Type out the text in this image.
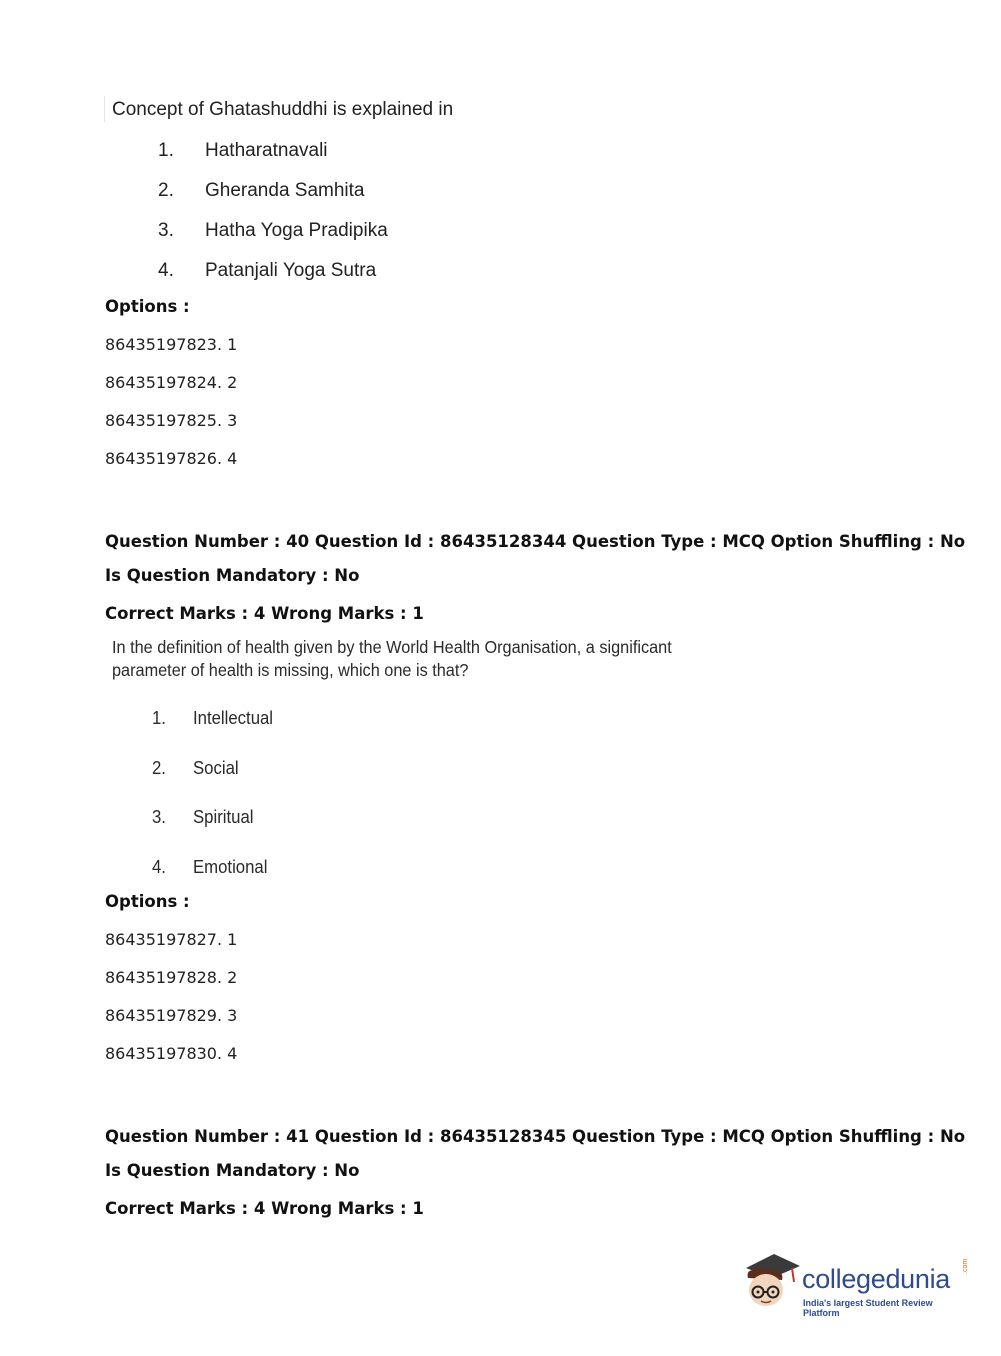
Concept of Ghatashuddhi is explained in
1. Hatharatnavali
2. Gheranda Samhita
3. Hatha Yoga Pradipika
4. Patanjali Yoga Sutra
Options :
86435197823. 1
86435197824. 2
86435197825. 3
86435197826. 4
Question Number : 40 Question Id : 86435128344 Question Type : MCQ Option Shuffling : No
Is Question Mandatory : No
Correct Marks : 4 Wrong Marks : 1
In the definition of health given by the World Health Organisation, a significant
parameter of health is missing, which one is that?
1. Intellectual
2. Social
3. Spiritual
4. Emotional
Options :
86435197827. 1
86435197828. 2
86435197829. 3
86435197830. 4
Question Number : 41 Question Id : 86435128345 Question Type : MCQ Option Shuffling : No
Is Question Mandatory : No
Correct Marks : 4 Wrong Marks : 1
collegedunia .com
India's largest Student Review Platform
